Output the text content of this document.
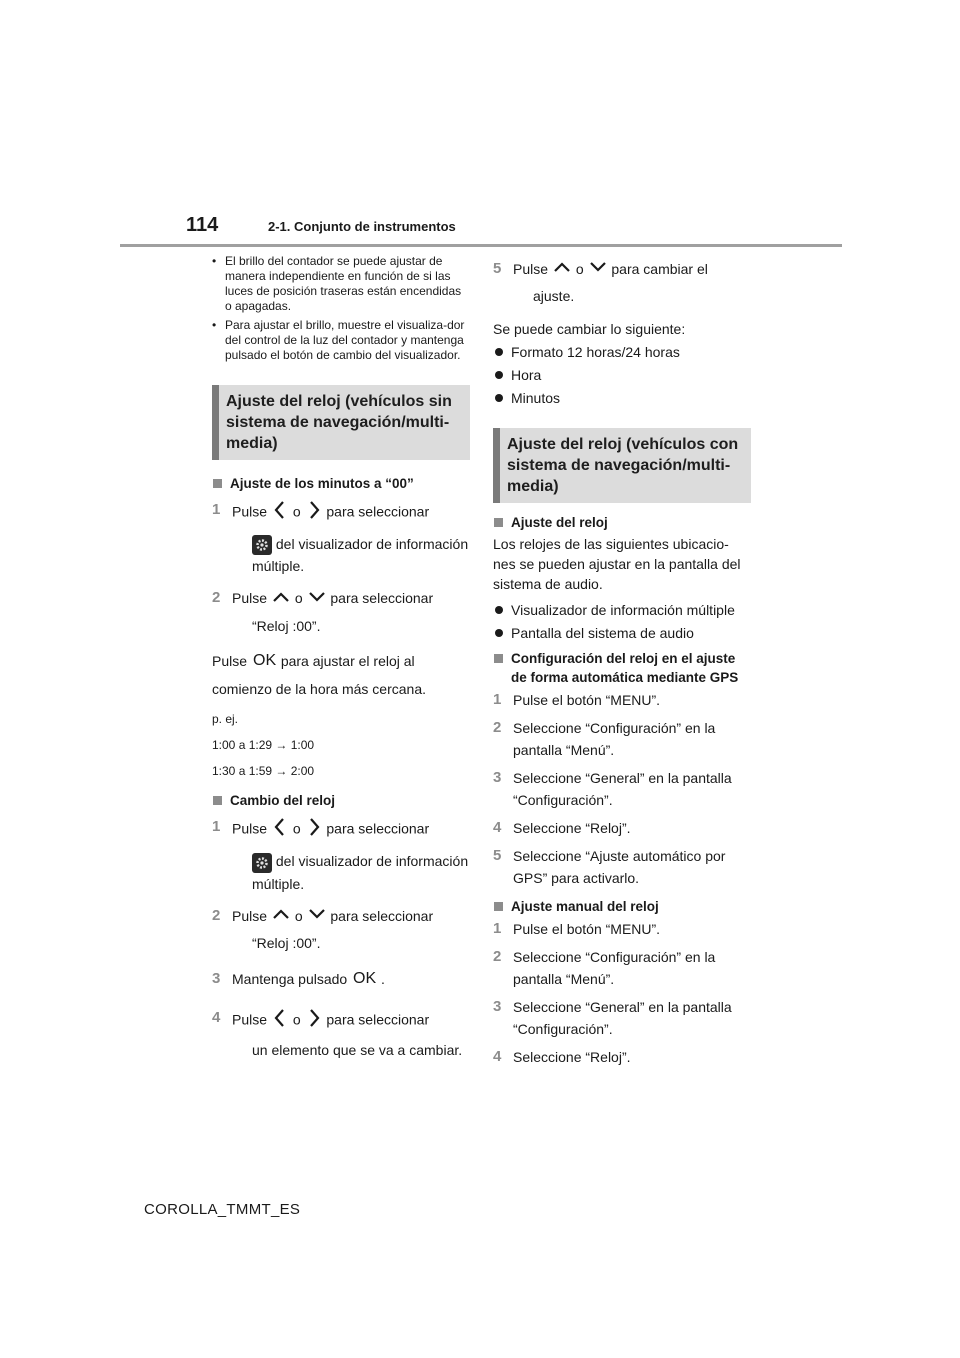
114	2-1. Conjunto de instrumentos
• El brillo del contador se puede ajustar de manera independiente en función de si las luces de posición traseras están encendidas o apagadas.
• Para ajustar el brillo, muestre el visualiza-dor del control de la luz del contador y mantenga pulsado el botón de cambio del visualizador.
Ajuste del reloj (vehículos sin sistema de navegación/multi-media)
Ajuste de los minutos a “00”
1 Pulse o para seleccionar
del visualizador de información
múltiple.
2 Pulse o para seleccionar
“Reloj :00”.
Pulse OK para ajustar el reloj al
comienzo de la hora más cercana.
p. ej.
1:00 a 1:29 → 1:00
1:30 a 1:59 → 2:00
Cambio del reloj
1 Pulse o para seleccionar
del visualizador de información
múltiple.
2 Pulse o para seleccionar
“Reloj :00”.
3 Mantenga pulsado OK .
4 Pulse o para seleccionar
un elemento que se va a cambiar.
5 Pulse o para cambiar el
ajuste.
Se puede cambiar lo siguiente:
Formato 12 horas/24 horas
Hora
Minutos
Ajuste del reloj (vehículos con sistema de navegación/multi-media)
Ajuste del reloj
Los relojes de las siguientes ubicacio-nes se pueden ajustar en la pantalla del sistema de audio.
Visualizador de información múltiple
Pantalla del sistema de audio
Configuración del reloj en el ajuste de forma automática mediante GPS
1 Pulse el botón “MENU”.
2 Seleccione “Configuración” en la pantalla “Menú”.
3 Seleccione “General” en la pantalla “Configuración”.
4 Seleccione “Reloj”.
5 Seleccione “Ajuste automático por GPS” para activarlo.
Ajuste manual del reloj
1 Pulse el botón “MENU”.
2 Seleccione “Configuración” en la pantalla “Menú”.
3 Seleccione “General” en la pantalla “Configuración”.
4 Seleccione “Reloj”.
COROLLA_TMMT_ES
